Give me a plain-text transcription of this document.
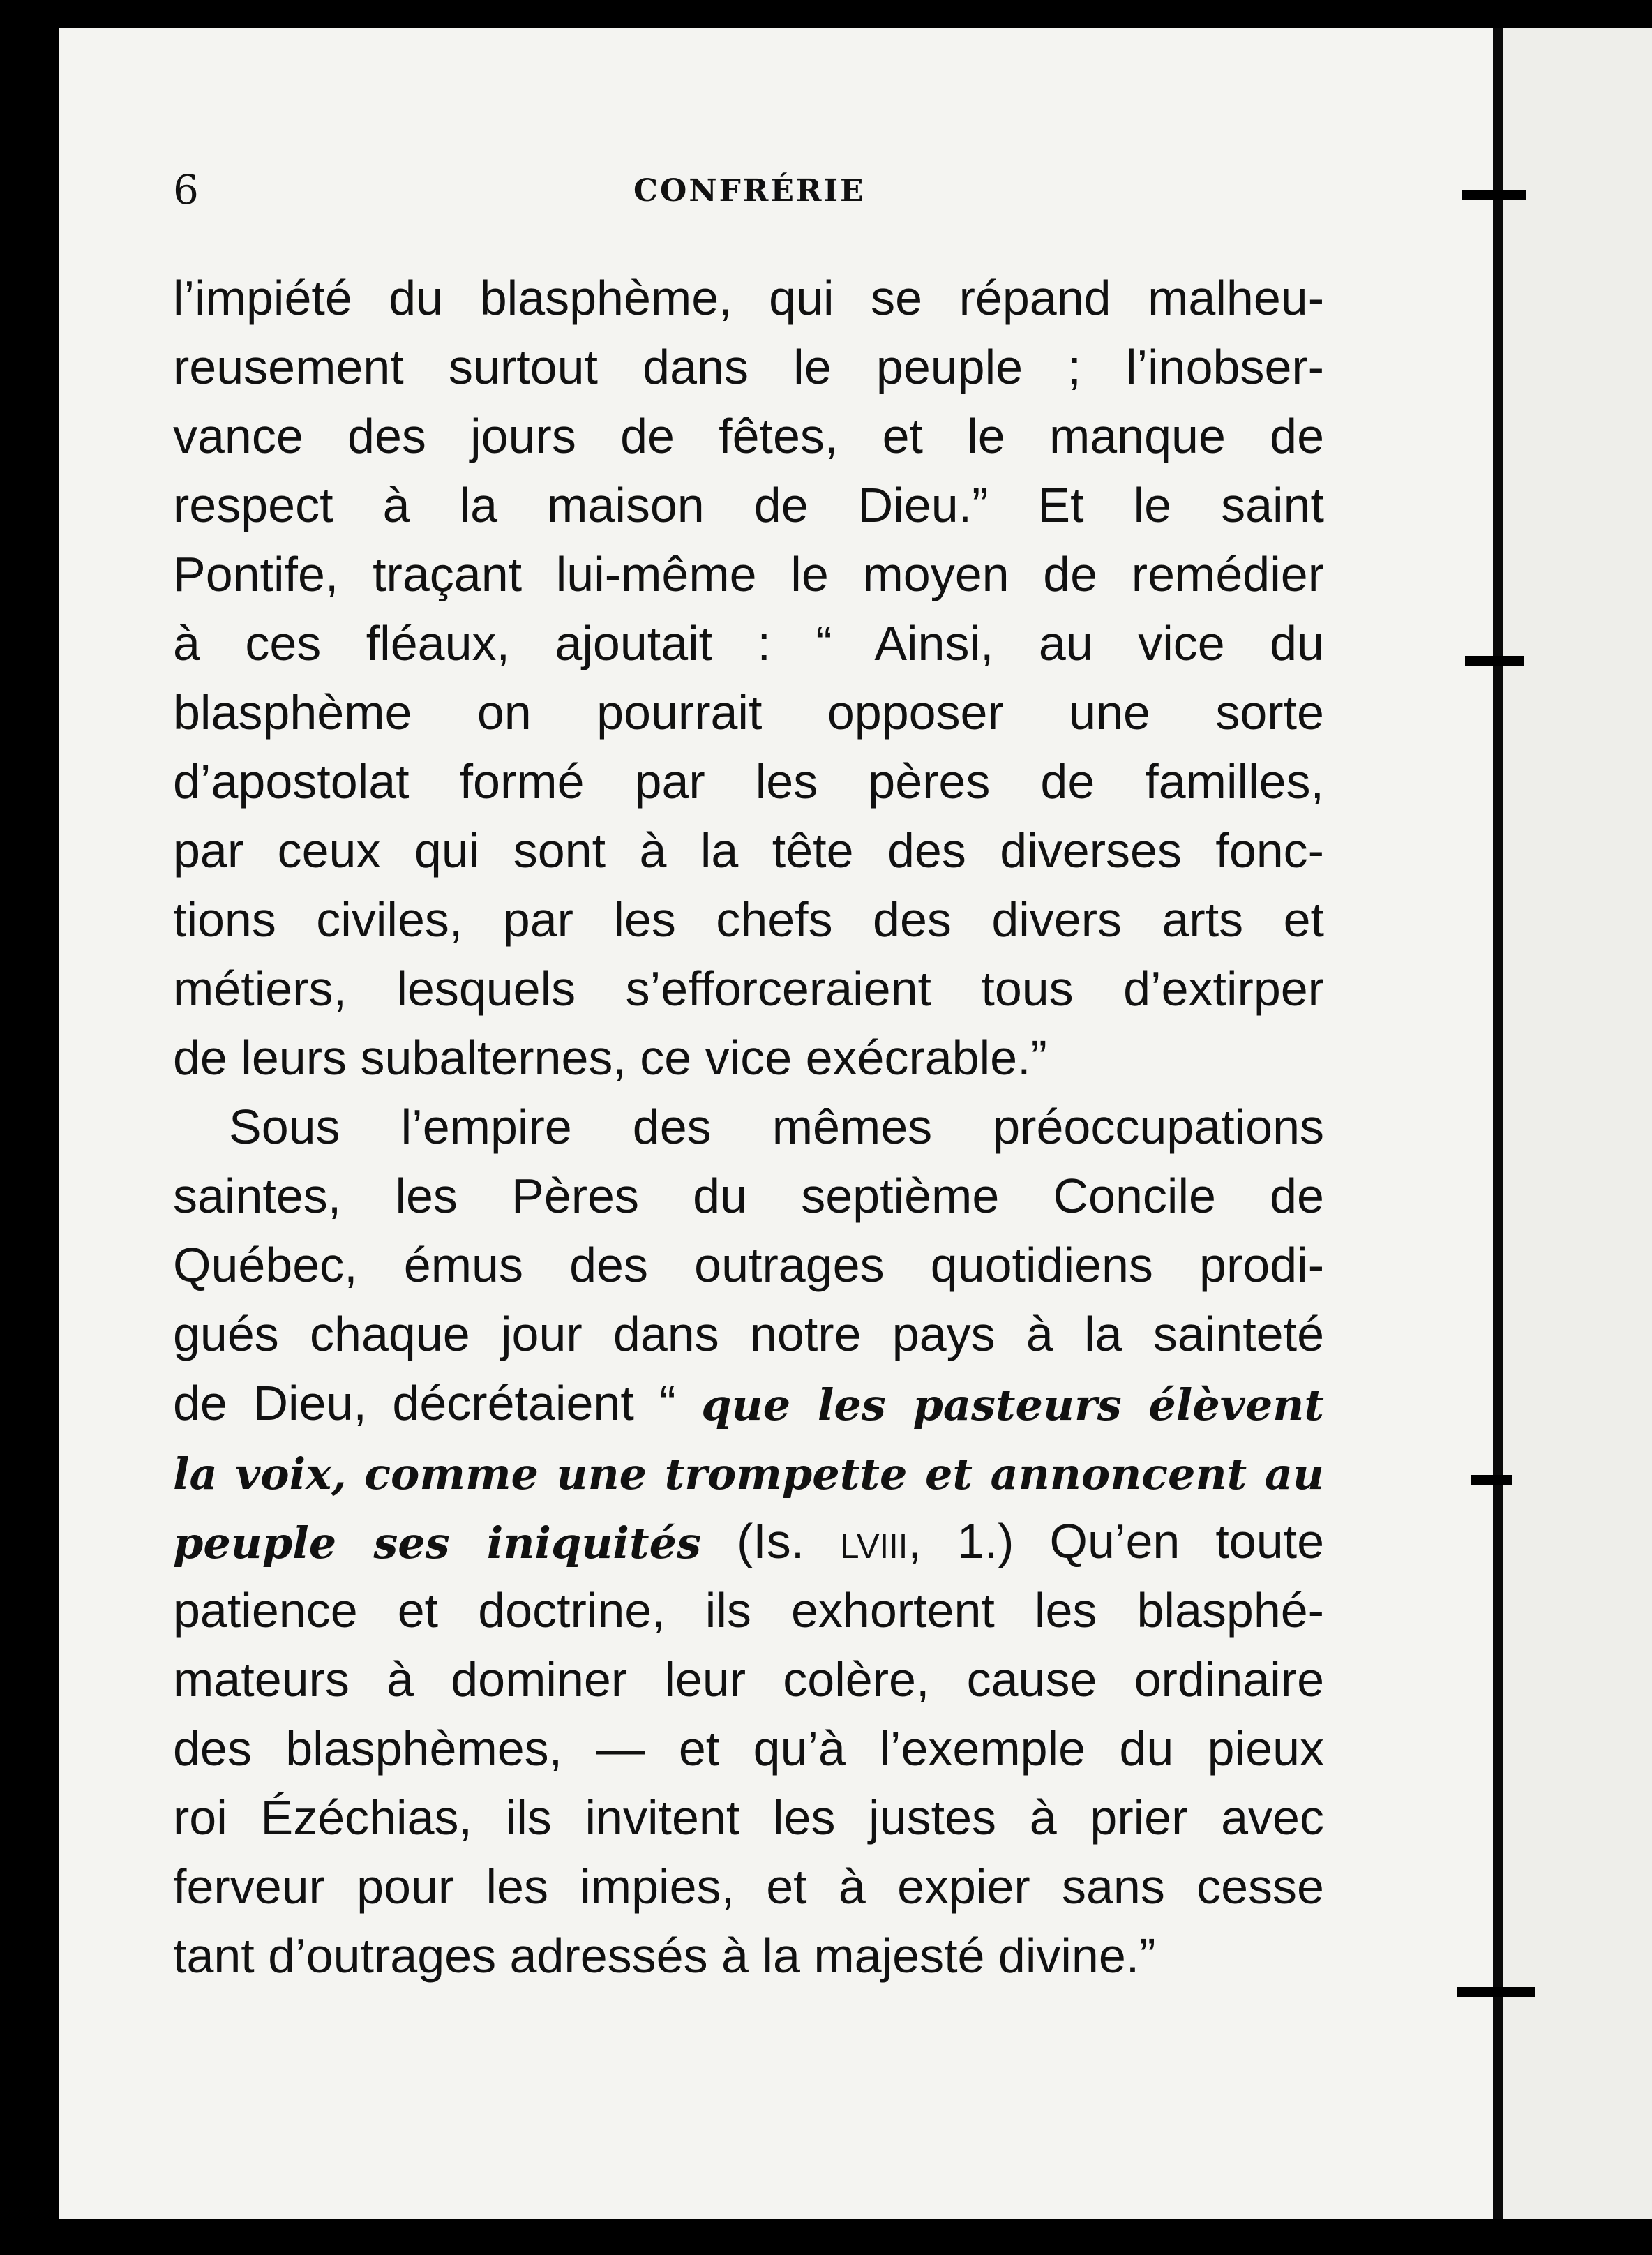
6	CONFRÉRIE
l’impiété du blasphème, qui se répand malheu-
reusement surtout dans le peuple ; l’inobser-
vance des jours de fêtes, et le manque de
respect à la maison de Dieu.” Et le saint
Pontife, traçant lui-même le moyen de remédier
à ces fléaux, ajoutait : “ Ainsi, au vice du
blasphème on pourrait opposer une sorte
d’apostolat formé par les pères de familles,
par ceux qui sont à la tête des diverses fonc-
tions civiles, par les chefs des divers arts et
métiers, lesquels s’efforceraient tous d’extirper
de leurs subalternes, ce vice exécrable.”
Sous l’empire des mêmes préoccupations
saintes, les Pères du septième Concile de
Québec, émus des outrages quotidiens prodi-
gués chaque jour dans notre pays à la sainteté
de Dieu, décrétaient “ que les pasteurs élèvent
la voix, comme une trompette et annoncent au
peuple ses iniquités (Is. lviii, 1.) Qu’en toute
patience et doctrine, ils exhortent les blasphé-
mateurs à dominer leur colère, cause ordinaire
des blasphèmes, — et qu’à l’exemple du pieux
roi Ézéchias, ils invitent les justes à prier avec
ferveur pour les impies, et à expier sans cesse
tant d’outrages adressés à la majesté divine.”
